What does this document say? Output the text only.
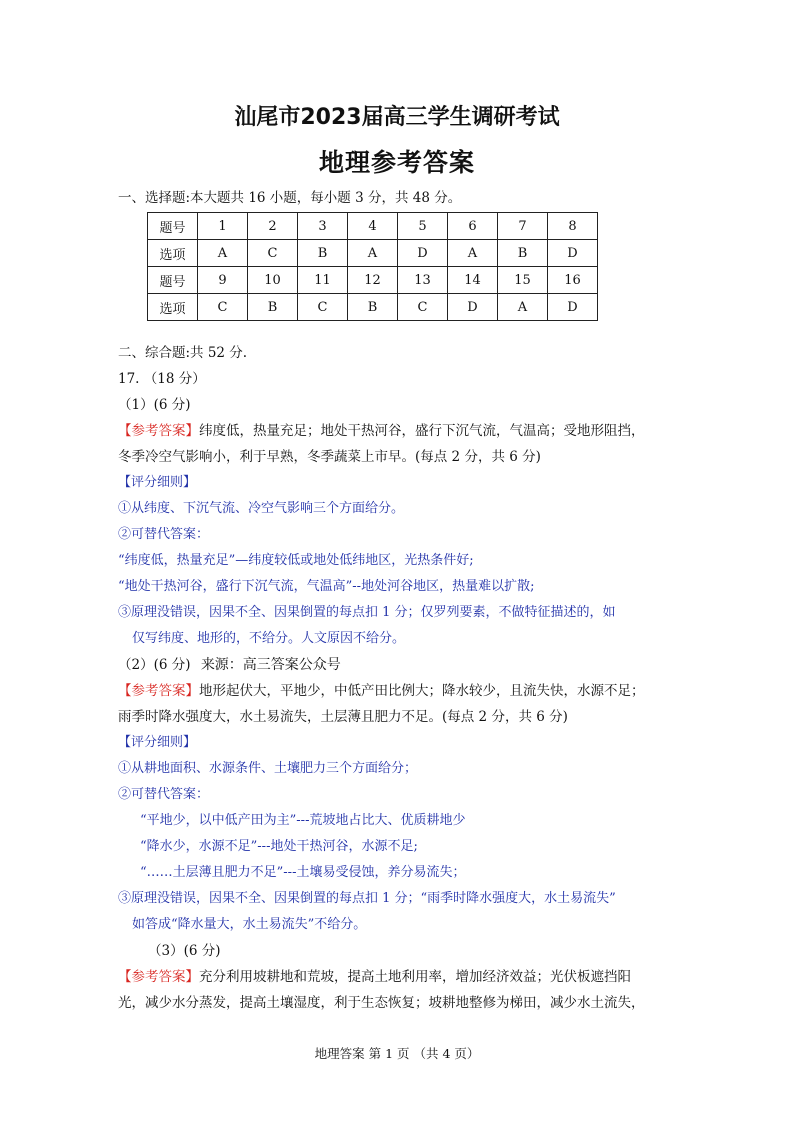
汕尾市2023届高三学生调研考试
地理参考答案
一、选择题:本大题共 16 小题，每小题 3 分，共 48 分。
题号	1	2	3	4	5	6	7	8
选项	A	C	B	A	D	A	B	D
题号	9	10	11	12	13	14	15	16
选项	C	B	C	B	C	D	A	D
二、综合题:共 52 分.
17. （18 分）
（1）(6 分)
【参考答案】纬度低，热量充足；地处干热河谷，盛行下沉气流，气温高；受地形阻挡，
冬季冷空气影响小，利于早熟，冬季蔬菜上市早。(每点 2 分，共 6 分)
【评分细则】
①从纬度、下沉气流、冷空气影响三个方面给分。
②可替代答案：
“纬度低，热量充足”—纬度较低或地处低纬地区，光热条件好;
“地处干热河谷，盛行下沉气流，气温高”--地处河谷地区，热量难以扩散;
③原理没错误，因果不全、因果倒置的每点扣 1 分；仅罗列要素，不做特征描述的，如
仅写纬度、地形的，不给分。人文原因不给分。
（2）(6 分) 来源：高三答案公众号
【参考答案】地形起伏大，平地少，中低产田比例大；降水较少，且流失快，水源不足；
雨季时降水强度大，水土易流失，土层薄且肥力不足。(每点 2 分，共 6 分)
【评分细则】
①从耕地面积、水源条件、土壤肥力三个方面给分；
②可替代答案：
“平地少，以中低产田为主”---荒坡地占比大、优质耕地少
“降水少，水源不足”---地处干热河谷，水源不足;
“……土层薄且肥力不足”---土壤易受侵蚀，养分易流失；
③原理没错误，因果不全、因果倒置的每点扣 1 分；“雨季时降水强度大，水土易流失”
如答成“降水量大，水土易流失”不给分。
（3）(6 分)
【参考答案】充分利用坡耕地和荒坡，提高土地利用率，增加经济效益；光伏板遮挡阳
光，减少水分蒸发，提高土壤湿度，利于生态恢复；坡耕地整修为梯田，减少水土流失，
地理答案 第 1 页 （共 4 页）
